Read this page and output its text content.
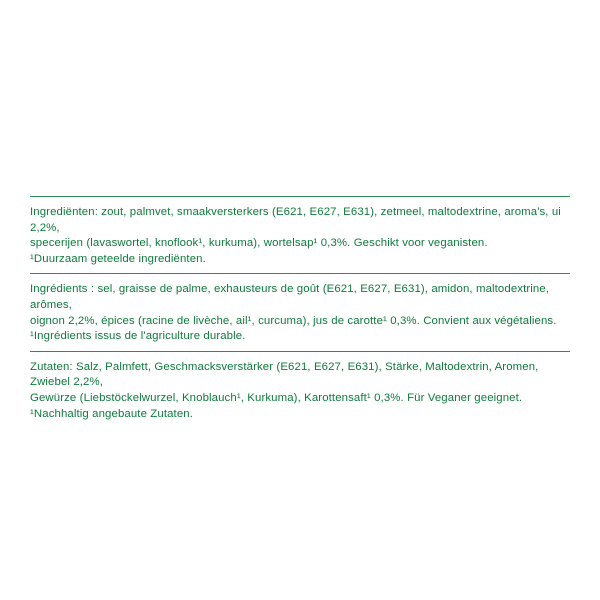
Ingrediënten: zout, palmvet, smaakversterkers (E621, E627, E631), zetmeel, maltodextrine, aroma's, ui 2,2%,

specerijen (lavaswortel, knoflook¹, kurkuma), wortelsap¹ 0,3%. Geschikt voor veganisten.

¹Duurzaam geteelde ingrediënten.

Ingrédients : sel, graisse de palme, exhausteurs de goût (E621, E627, E631), amidon, maltodextrine, arômes,

oignon 2,2%, épices (racine de livèche, ail¹, curcuma), jus de carotte¹ 0,3%. Convient aux végétaliens.

¹Ingrédients issus de l'agriculture durable.

Zutaten: Salz, Palmfett, Geschmacksverstärker (E621, E627, E631), Stärke, Maltodextrin, Aromen, Zwiebel 2,2%,

Gewürze (Liebstöckelwurzel, Knoblauch¹, Kurkuma), Karottensaft¹ 0,3%. Für Veganer geeignet.

¹Nachhaltig angebaute Zutaten.
